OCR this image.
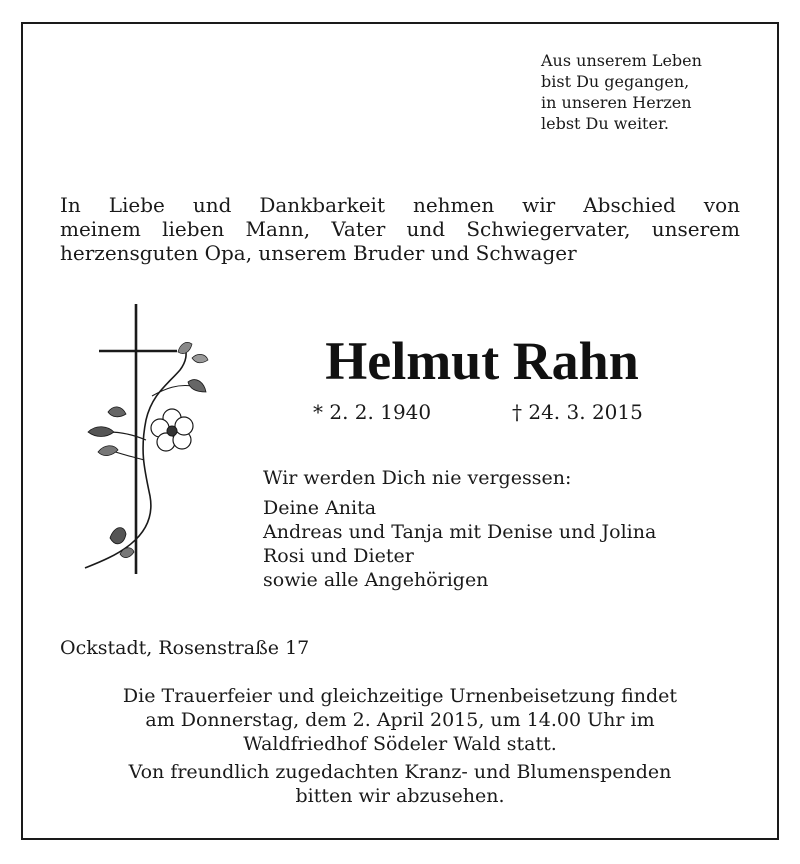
Aus unserem Leben
bist Du gegangen,
in unseren Herzen
lebst Du weiter.
In Liebe und Dankbarkeit nehmen wir Abschied von
meinem lieben Mann, Vater und Schwiegervater, unserem
herzensguten Opa, unserem Bruder und Schwager
Helmut Rahn
* 2. 2. 1940	† 24. 3. 2015
Wir werden Dich nie vergessen:
Deine Anita
Andreas und Tanja mit Denise und Jolina
Rosi und Dieter
sowie alle Angehörigen
Ockstadt, Rosenstraße 17
Die Trauerfeier und gleichzeitige Urnenbeisetzung findet
am Donnerstag, dem 2. April 2015, um 14.00 Uhr im
Waldfriedhof Södeler Wald statt.
Von freundlich zugedachten Kranz- und Blumenspenden
bitten wir abzusehen.
